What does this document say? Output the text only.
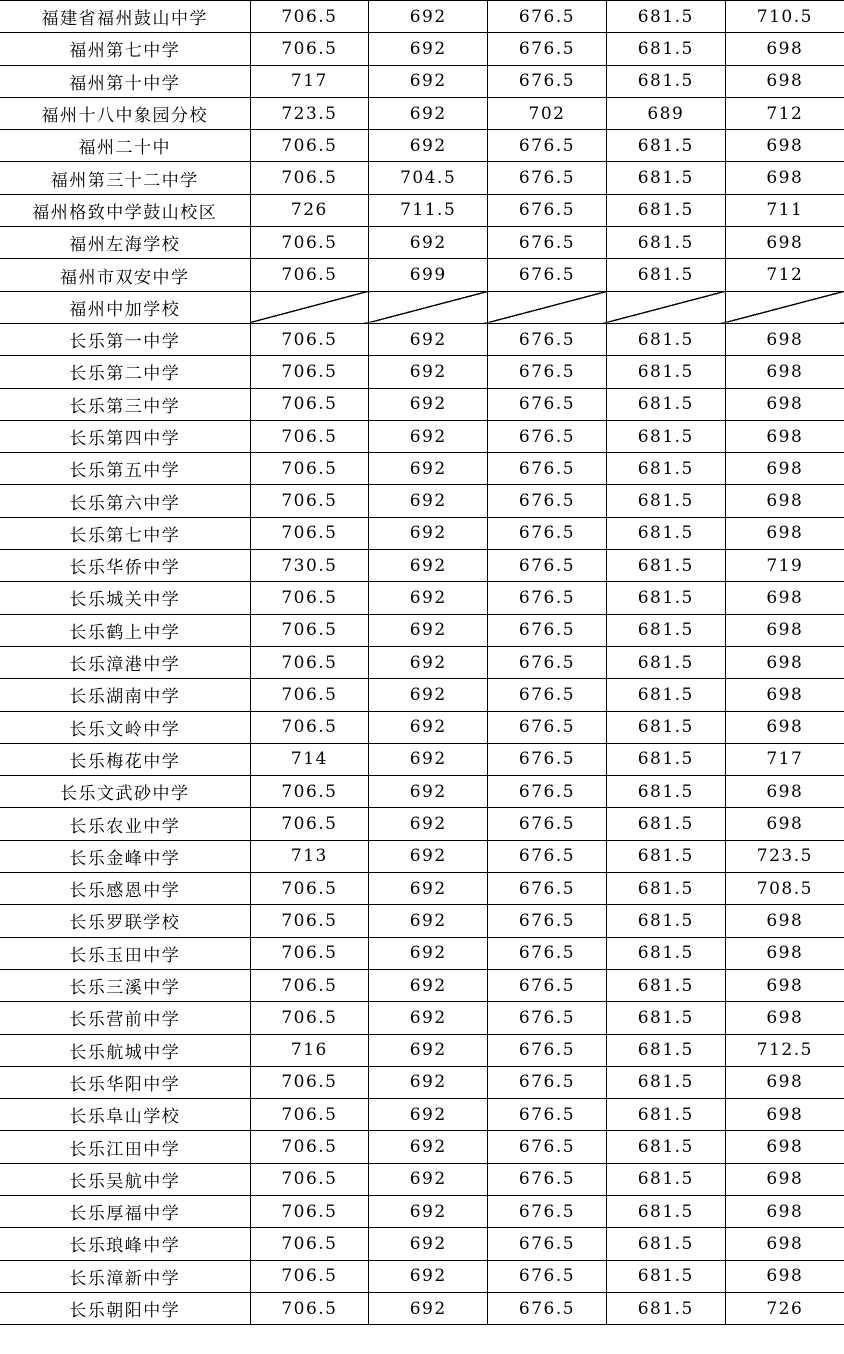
福建省福州鼓山中学	706.5	692	676.5	681.5	710.5
福州第七中学	706.5	692	676.5	681.5	698
福州第十中学	717	692	676.5	681.5	698
福州十八中象园分校	723.5	692	702	689	712
福州二十中	706.5	692	676.5	681.5	698
福州第三十二中学	706.5	704.5	676.5	681.5	698
福州格致中学鼓山校区	726	711.5	676.5	681.5	711
福州左海学校	706.5	692	676.5	681.5	698
福州市双安中学	706.5	699	676.5	681.5	712
福州中加学校					
长乐第一中学	706.5	692	676.5	681.5	698
长乐第二中学	706.5	692	676.5	681.5	698
长乐第三中学	706.5	692	676.5	681.5	698
长乐第四中学	706.5	692	676.5	681.5	698
长乐第五中学	706.5	692	676.5	681.5	698
长乐第六中学	706.5	692	676.5	681.5	698
长乐第七中学	706.5	692	676.5	681.5	698
长乐华侨中学	730.5	692	676.5	681.5	719
长乐城关中学	706.5	692	676.5	681.5	698
长乐鹤上中学	706.5	692	676.5	681.5	698
长乐漳港中学	706.5	692	676.5	681.5	698
长乐湖南中学	706.5	692	676.5	681.5	698
长乐文岭中学	706.5	692	676.5	681.5	698
长乐梅花中学	714	692	676.5	681.5	717
长乐文武砂中学	706.5	692	676.5	681.5	698
长乐农业中学	706.5	692	676.5	681.5	698
长乐金峰中学	713	692	676.5	681.5	723.5
长乐感恩中学	706.5	692	676.5	681.5	708.5
长乐罗联学校	706.5	692	676.5	681.5	698
长乐玉田中学	706.5	692	676.5	681.5	698
长乐三溪中学	706.5	692	676.5	681.5	698
长乐营前中学	706.5	692	676.5	681.5	698
长乐航城中学	716	692	676.5	681.5	712.5
长乐华阳中学	706.5	692	676.5	681.5	698
长乐阜山学校	706.5	692	676.5	681.5	698
长乐江田中学	706.5	692	676.5	681.5	698
长乐吴航中学	706.5	692	676.5	681.5	698
长乐厚福中学	706.5	692	676.5	681.5	698
长乐琅峰中学	706.5	692	676.5	681.5	698
长乐漳新中学	706.5	692	676.5	681.5	698
长乐朝阳中学	706.5	692	676.5	681.5	726
